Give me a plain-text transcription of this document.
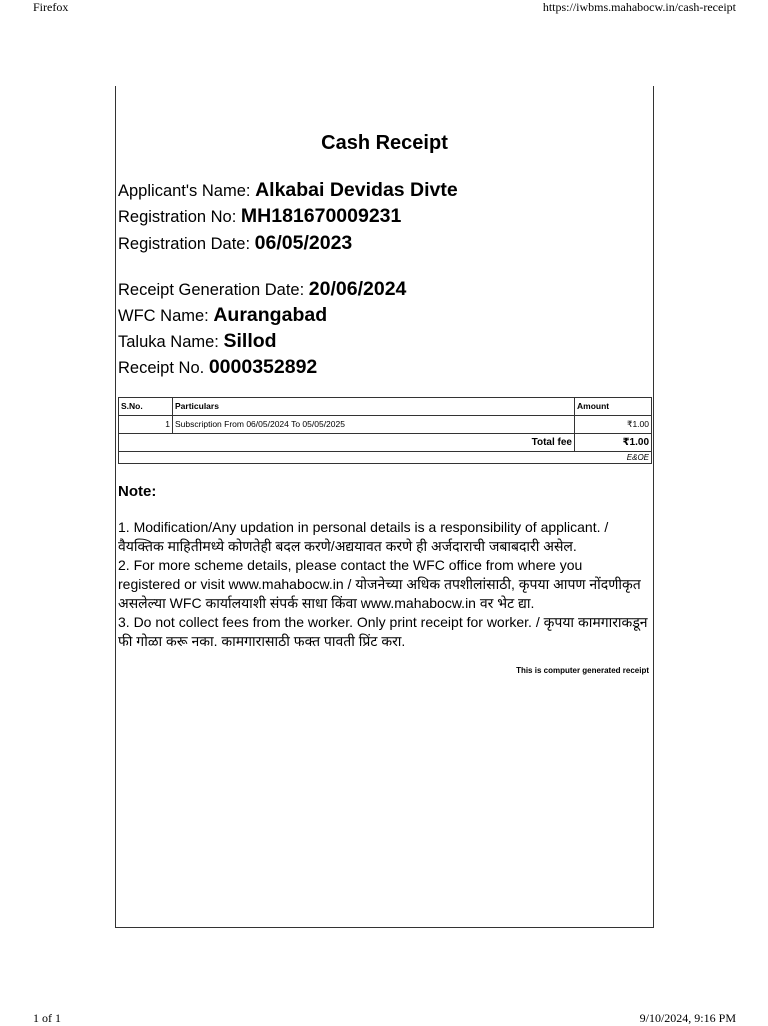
Firefox	https://iwbms.mahabocw.in/cash-receipt
Cash Receipt
Applicant's Name: Alkabai Devidas Divte
Registration No: MH181670009231
Registration Date: 06/05/2023
Receipt Generation Date: 20/06/2024
WFC Name: Aurangabad
Taluka Name: Sillod
Receipt No. 0000352892
S.No.	Particulars	Amount
1	Subscription From 06/05/2024 To 05/05/2025	₹1.00
Total fee		₹1.00
E&OE		
Note:

1. Modification/Any updation in personal details is a responsibility of applicant. / वैयक्तिक माहितीमध्ये कोणतेही बदल करणे/अद्ययावत करणे ही अर्जदाराची जबाबदारी असेल.

2. For more scheme details, please contact the WFC office from where you registered or visit www.mahabocw.in / योजनेच्या अधिक तपशीलांसाठी, कृपया आपण नोंदणीकृत असलेल्या WFC कार्यालयाशी संपर्क साधा किंवा www.mahabocw.in वर भेट द्या.

3. Do not collect fees from the worker. Only print receipt for worker. / कृपया कामगाराकडून फी गोळा करू नका. कामगारासाठी फक्त पावती प्रिंट करा.

This is computer generated receipt
1 of 1	9/10/2024, 9:16 PM
